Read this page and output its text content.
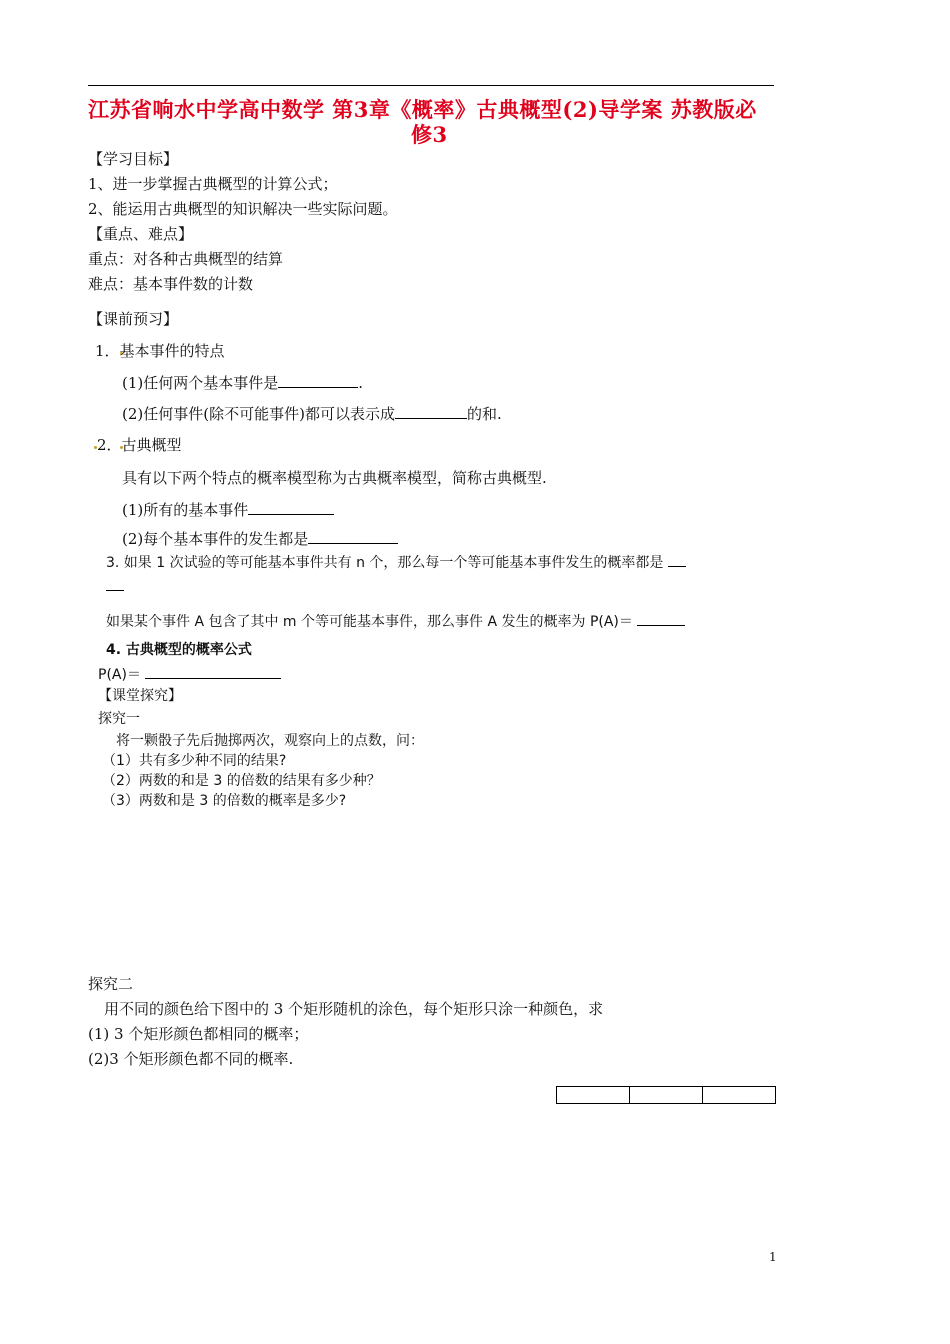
江苏省响水中学高中数学 第3章《概率》古典概型(2)导学案 苏教版必
修3
【学习目标】
1、进一步掌握古典概型的计算公式；
2、能运用古典概型的知识解决一些实际问题。
【重点、难点】
重点：对各种古典概型的结算
难点：基本事件数的计数
【课前预习】
1．基本事件的特点
(1)任何两个基本事件是	.
(2)任何事件(除不可能事件)都可以表示成	的和.
2．古典概型
具有以下两个特点的概率模型称为古典概率模型，简称古典概型.
(1)所有的基本事件
(2)每个基本事件的发生都是
3. 如果 1 次试验的等可能基本事件共有 n 个，那么每一个等可能基本事件发生的概率都是
如果某个事件 A 包含了其中 m 个等可能基本事件，那么事件 A 发生的概率为 P(A)＝
4. 古典概型的概率公式
P(A)＝
【课堂探究】
探究一
将一颗骰子先后抛掷两次，观察向上的点数，问：
（1）共有多少种不同的结果?
（2）两数的和是 3 的倍数的结果有多少种？
（3）两数和是 3 的倍数的概率是多少?
探究二
用不同的颜色给下图中的 3 个矩形随机的涂色，每个矩形只涂一种颜色，求
(1) 3 个矩形颜色都相同的概率；
(2)3 个矩形颜色都不同的概率.
1
